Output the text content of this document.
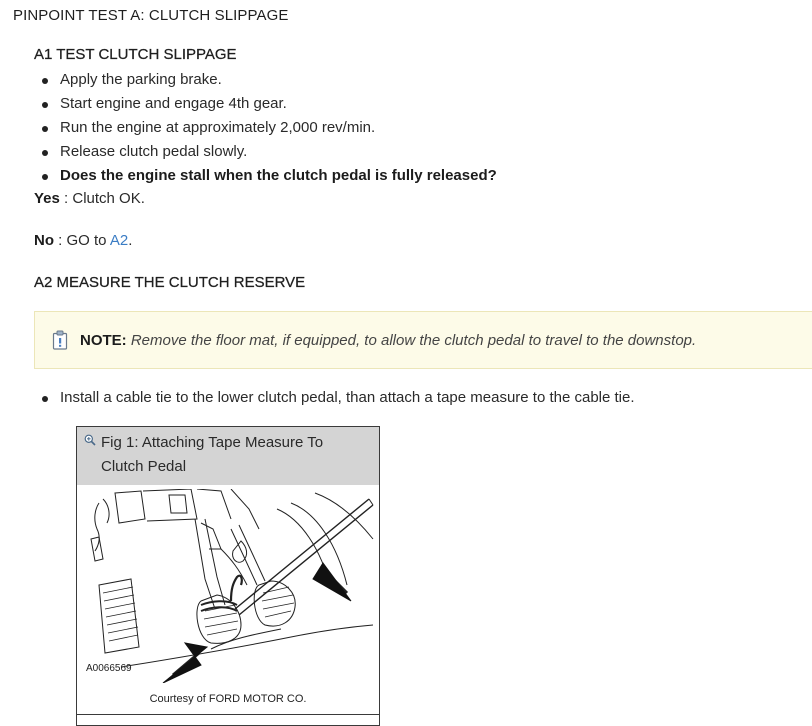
PINPOINT TEST A: CLUTCH SLIPPAGE
A1 TEST CLUTCH SLIPPAGE
Apply the parking brake.
Start engine and engage 4th gear.
Run the engine at approximately 2,000 rev/min.
Release clutch pedal slowly.
Does the engine stall when the clutch pedal is fully released?
Yes : Clutch OK.
No : GO to A2.
A2 MEASURE THE CLUTCH RESERVE
NOTE: Remove the floor mat, if equipped, to allow the clutch pedal to travel to the downstop.
Install a cable tie to the lower clutch pedal, than attach a tape measure to the cable tie.
Fig 1: Attaching Tape Measure To Clutch Pedal
A0066569
Courtesy of FORD MOTOR CO.
